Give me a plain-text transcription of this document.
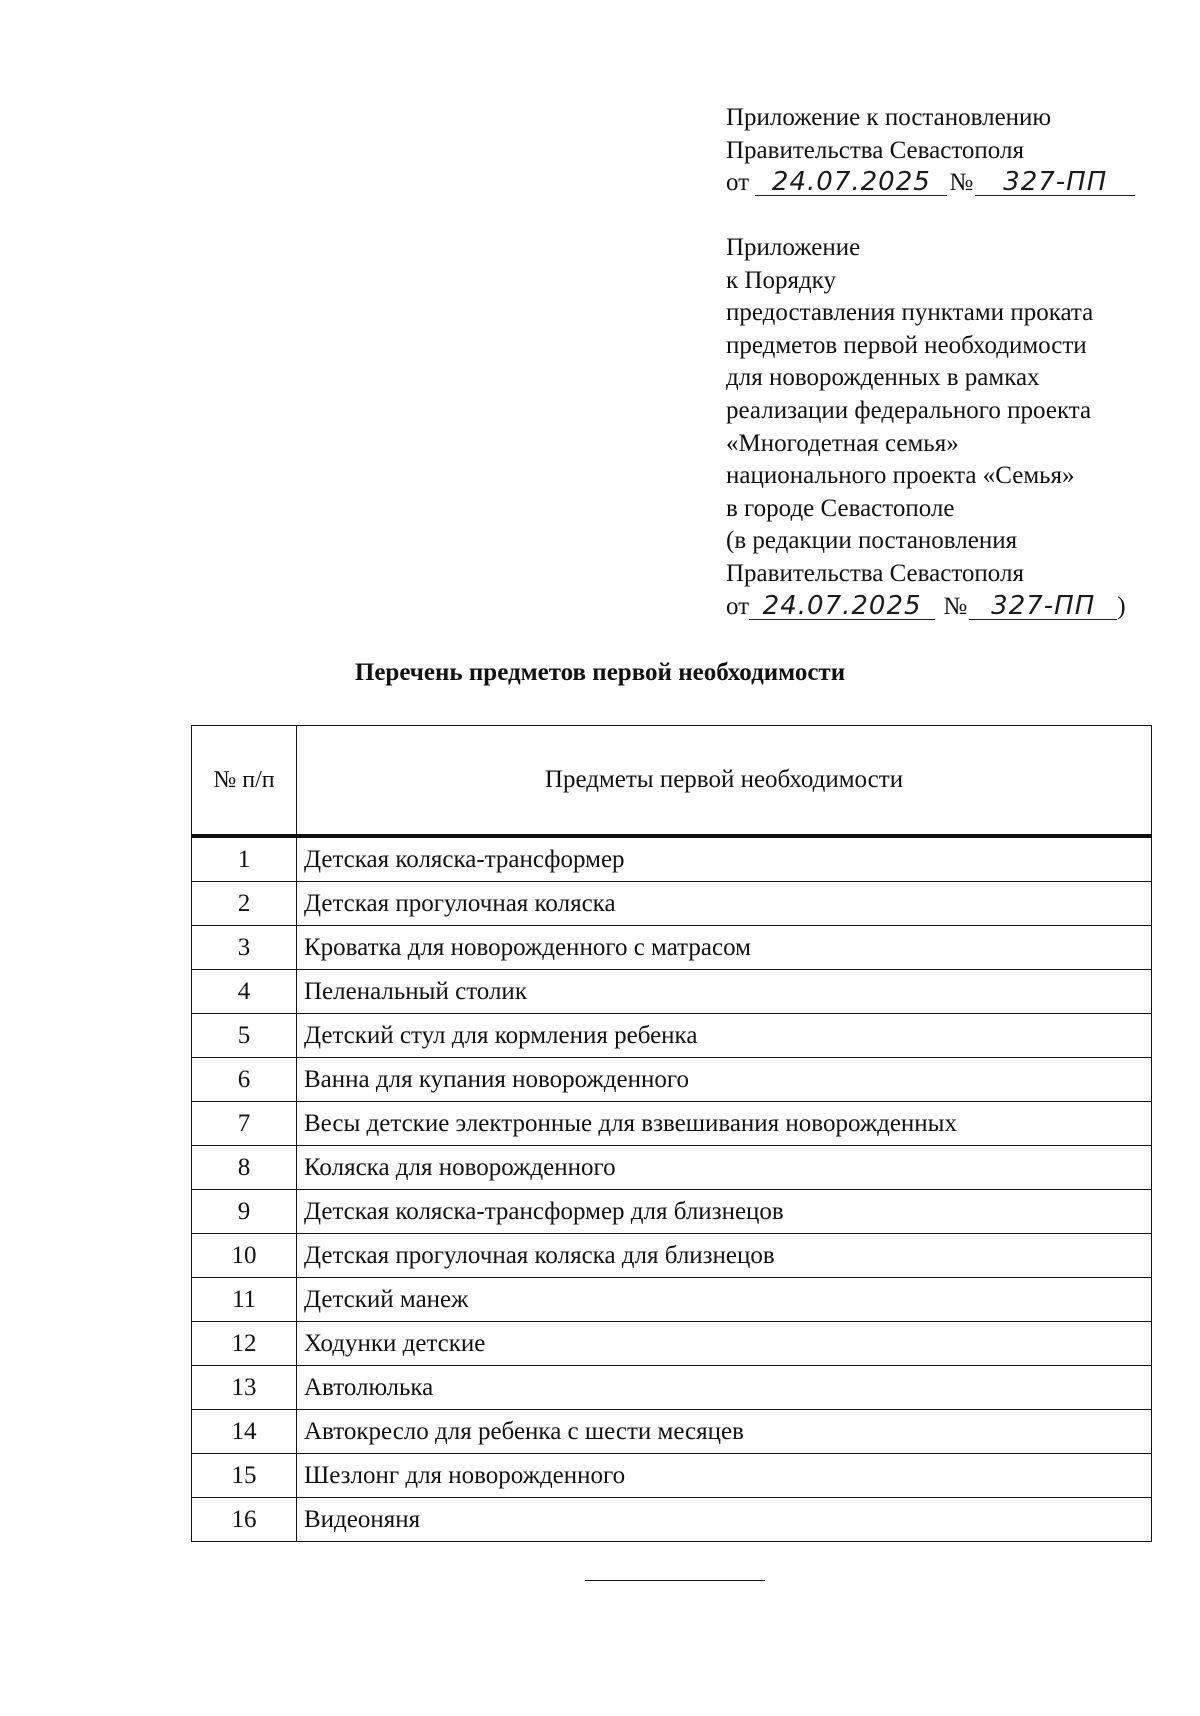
Приложение к постановлению
Правительства Севастополя
от 24.07.2025 № 327-ПП
Приложение
к Порядку
предоставления пунктами проката
предметов первой необходимости
для новорожденных в рамках
реализации федерального проекта
«Многодетная семья»
национального проекта «Семья»
в городе Севастополе
(в редакции постановления
Правительства Севастополя
от 24.07.2025 № 327-ПП )
Перечень предметов первой необходимости
№ п/п	Предметы первой необходимости
1	Детская коляска-трансформер
2	Детская прогулочная коляска
3	Кроватка для новорожденного с матрасом
4	Пеленальный столик
5	Детский стул для кормления ребенка
6	Ванна для купания новорожденного
7	Весы детские электронные для взвешивания новорожденных
8	Коляска для новорожденного
9	Детская коляска-трансформер для близнецов
10	Детская прогулочная коляска для близнецов
11	Детский манеж
12	Ходунки детские
13	Автолюлька
14	Автокресло для ребенка с шести месяцев
15	Шезлонг для новорожденного
16	Видеоняня
